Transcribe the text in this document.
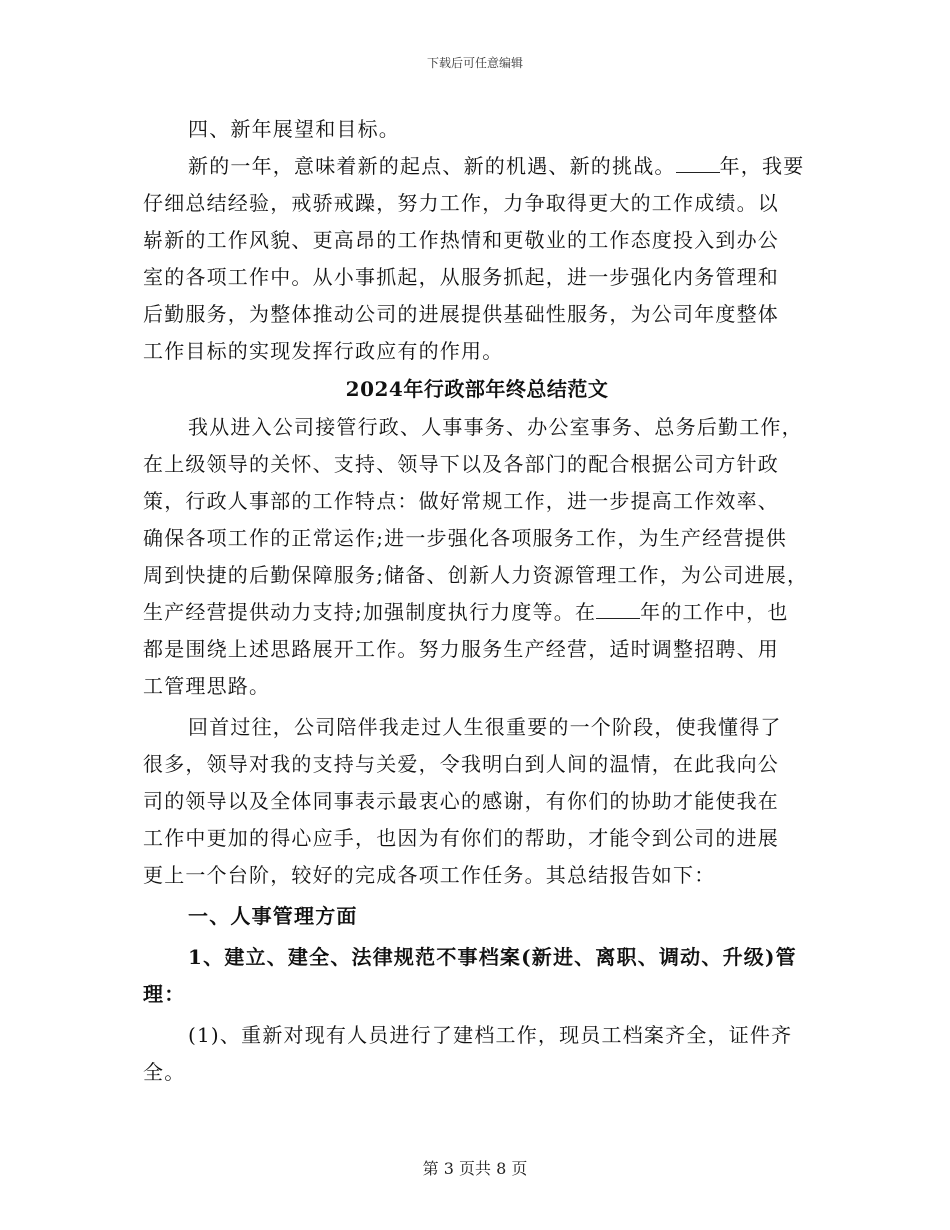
下载后可任意编辑
四、新年展望和目标。
新的一年，意味着新的起点、新的机遇、新的挑战。 年，我要
仔细总结经验，戒骄戒躁，努力工作，力争取得更大的工作成绩。以
崭新的工作风貌、更高昂的工作热情和更敬业的工作态度投入到办公
室的各项工作中。从小事抓起，从服务抓起，进一步强化内务管理和
后勤服务，为整体推动公司的进展提供基础性服务，为公司年度整体
工作目标的实现发挥行政应有的作用。
2024年行政部年终总结范文
我从进入公司接管行政、人事事务、办公室事务、总务后勤工作，
在上级领导的关怀、支持、领导下以及各部门的配合根据公司方针政
策，行政人事部的工作特点：做好常规工作，进一步提高工作效率、
确保各项工作的正常运作;进一步强化各项服务工作，为生产经营提供
周到快捷的后勤保障服务;储备、创新人力资源管理工作，为公司进展，
生产经营提供动力支持;加强制度执行力度等。在 年的工作中，也
都是围绕上述思路展开工作。努力服务生产经营，适时调整招聘、用
工管理思路。
回首过往，公司陪伴我走过人生很重要的一个阶段，使我懂得了
很多，领导对我的支持与关爱，令我明白到人间的温情，在此我向公
司的领导以及全体同事表示最衷心的感谢，有你们的协助才能使我在
工作中更加的得心应手，也因为有你们的帮助，才能令到公司的进展
更上一个台阶，较好的完成各项工作任务。其总结报告如下：
一、人事管理方面
1、建立、建全、法律规范不事档案(新进、离职、调动、升级)管
理：
(1)、重新对现有人员进行了建档工作，现员工档案齐全，证件齐
全。
第 3 页共 8 页
